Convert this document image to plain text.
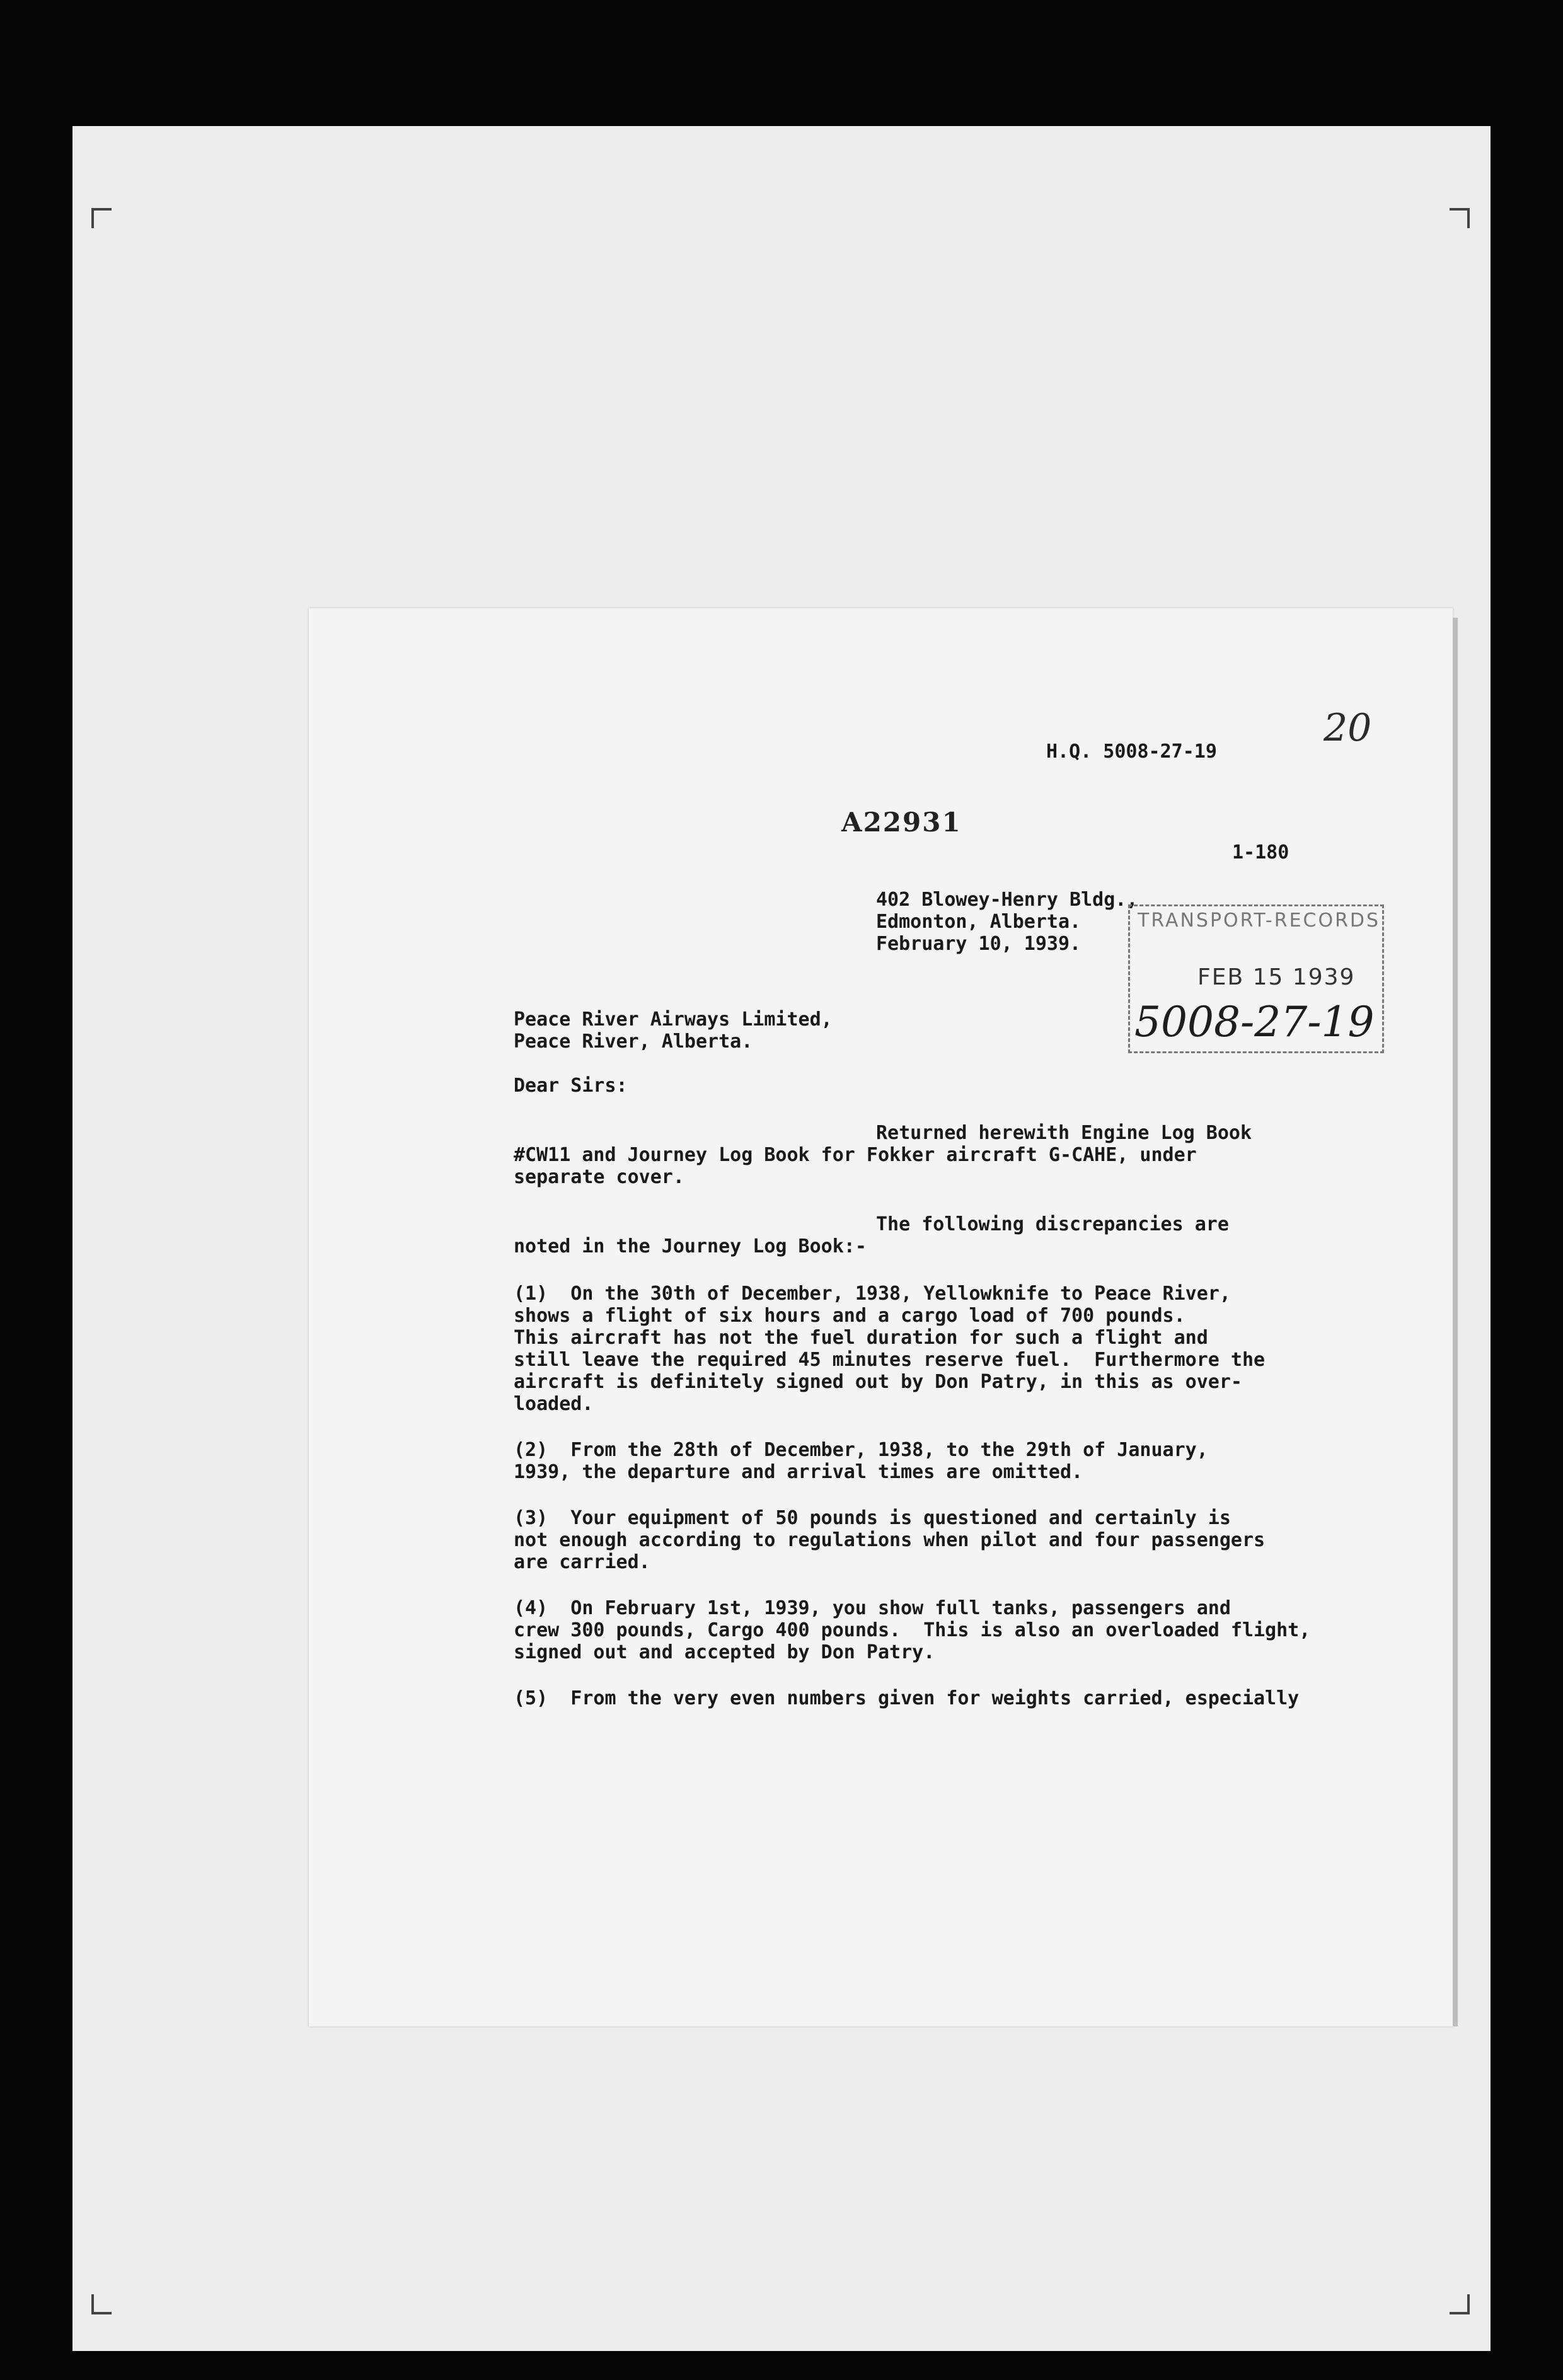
H.Q. 5008-27-19
20
A22931
1-180
402 Blowey-Henry Bldg.,
Edmonton, Alberta.
February 10, 1939.
TRANSPORT-RECORDS
FEB 15 1939
5008-27-19
Peace River Airways Limited,
Peace River, Alberta.
Dear Sirs:
Returned herewith Engine Log Book
#CW11 and Journey Log Book for Fokker aircraft G-CAHE, under
separate cover.
The following discrepancies are
noted in the Journey Log Book:-
(1)  On the 30th of December, 1938, Yellowknife to Peace River,
shows a flight of six hours and a cargo load of 700 pounds.
This aircraft has not the fuel duration for such a flight and
still leave the required 45 minutes reserve fuel.  Furthermore the
aircraft is definitely signed out by Don Patry, in this as over-
loaded.
(2)  From the 28th of December, 1938, to the 29th of January,
1939, the departure and arrival times are omitted.
(3)  Your equipment of 50 pounds is questioned and certainly is
not enough according to regulations when pilot and four passengers
are carried.
(4)  On February 1st, 1939, you show full tanks, passengers and
crew 300 pounds, Cargo 400 pounds.  This is also an overloaded flight,
signed out and accepted by Don Patry.
(5)  From the very even numbers given for weights carried, especially
